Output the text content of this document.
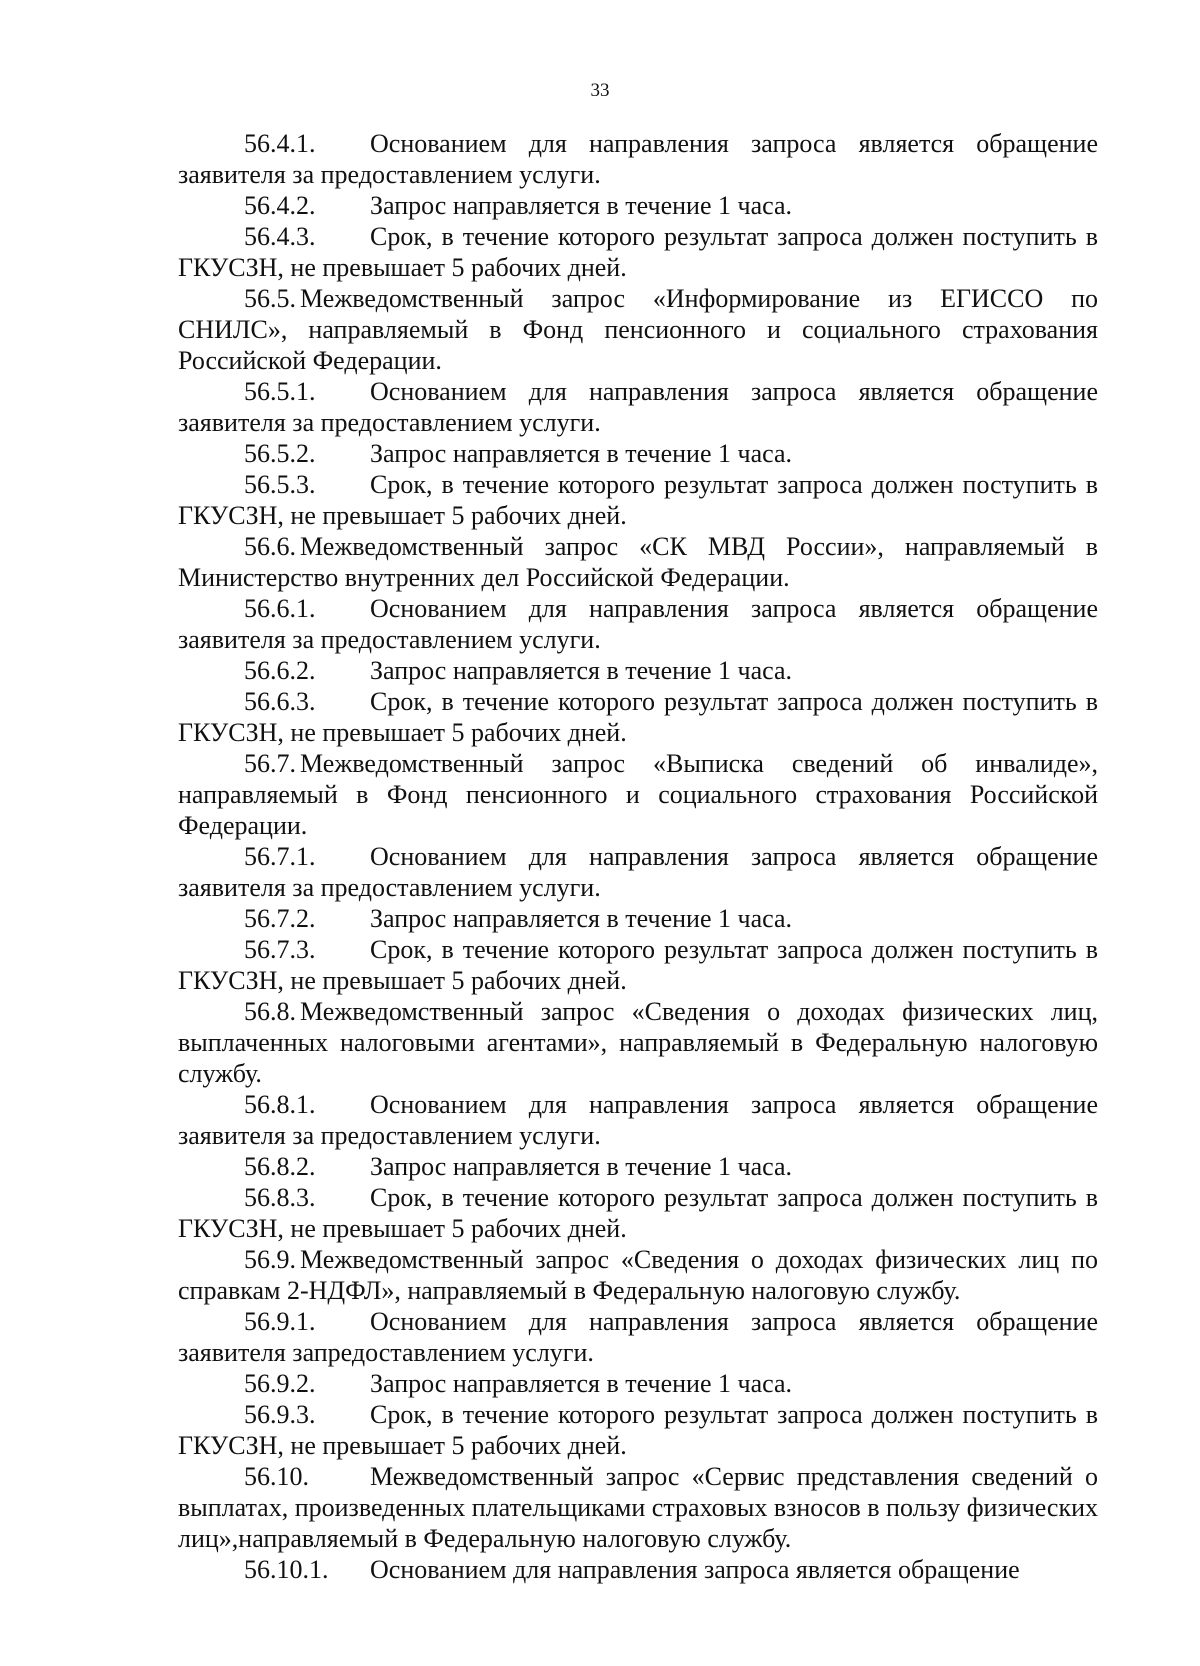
33

56.4.1. Основанием для направления запроса является обращение заявителя за предоставлением услуги.

56.4.2. Запрос направляется в течение 1 часа.

56.4.3. Срок, в течение которого результат запроса должен поступить в ГКУСЗН, не превышает 5 рабочих дней.

56.5. Межведомственный запрос «Информирование из ЕГИССО по СНИЛС», направляемый в Фонд пенсионного и социального страхования Российской Федерации.

56.5.1. Основанием для направления запроса является обращение заявителя за предоставлением услуги.

56.5.2. Запрос направляется в течение 1 часа.

56.5.3. Срок, в течение которого результат запроса должен поступить в ГКУСЗН, не превышает 5 рабочих дней.

56.6. Межведомственный запрос «СК МВД России», направляемый в Министерство внутренних дел Российской Федерации.

56.6.1. Основанием для направления запроса является обращение заявителя за предоставлением услуги.

56.6.2. Запрос направляется в течение 1 часа.

56.6.3. Срок, в течение которого результат запроса должен поступить в ГКУСЗН, не превышает 5 рабочих дней.

56.7. Межведомственный запрос «Выписка сведений об инвалиде», направляемый в Фонд пенсионного и социального страхования Российской Федерации.

56.7.1. Основанием для направления запроса является обращение заявителя за предоставлением услуги.

56.7.2. Запрос направляется в течение 1 часа.

56.7.3. Срок, в течение которого результат запроса должен поступить в ГКУСЗН, не превышает 5 рабочих дней.

56.8. Межведомственный запрос «Сведения о доходах физических лиц, выплаченных налоговыми агентами», направляемый в Федеральную налоговую службу.

56.8.1. Основанием для направления запроса является обращение заявителя за предоставлением услуги.

56.8.2. Запрос направляется в течение 1 часа.

56.8.3. Срок, в течение которого результат запроса должен поступить в ГКУСЗН, не превышает 5 рабочих дней.

56.9. Межведомственный запрос «Сведения о доходах физических лиц по справкам 2-НДФЛ», направляемый в Федеральную налоговую службу.

56.9.1. Основанием для направления запроса является обращение заявителя запредоставлением услуги.

56.9.2. Запрос направляется в течение 1 часа.

56.9.3. Срок, в течение которого результат запроса должен поступить в ГКУСЗН, не превышает 5 рабочих дней.

56.10. Межведомственный запрос «Сервис представления сведений о выплатах, произведенных плательщиками страховых взносов в пользу физических лиц»,направляемый в Федеральную налоговую службу.

56.10.1. Основанием для направления запроса является обращение
